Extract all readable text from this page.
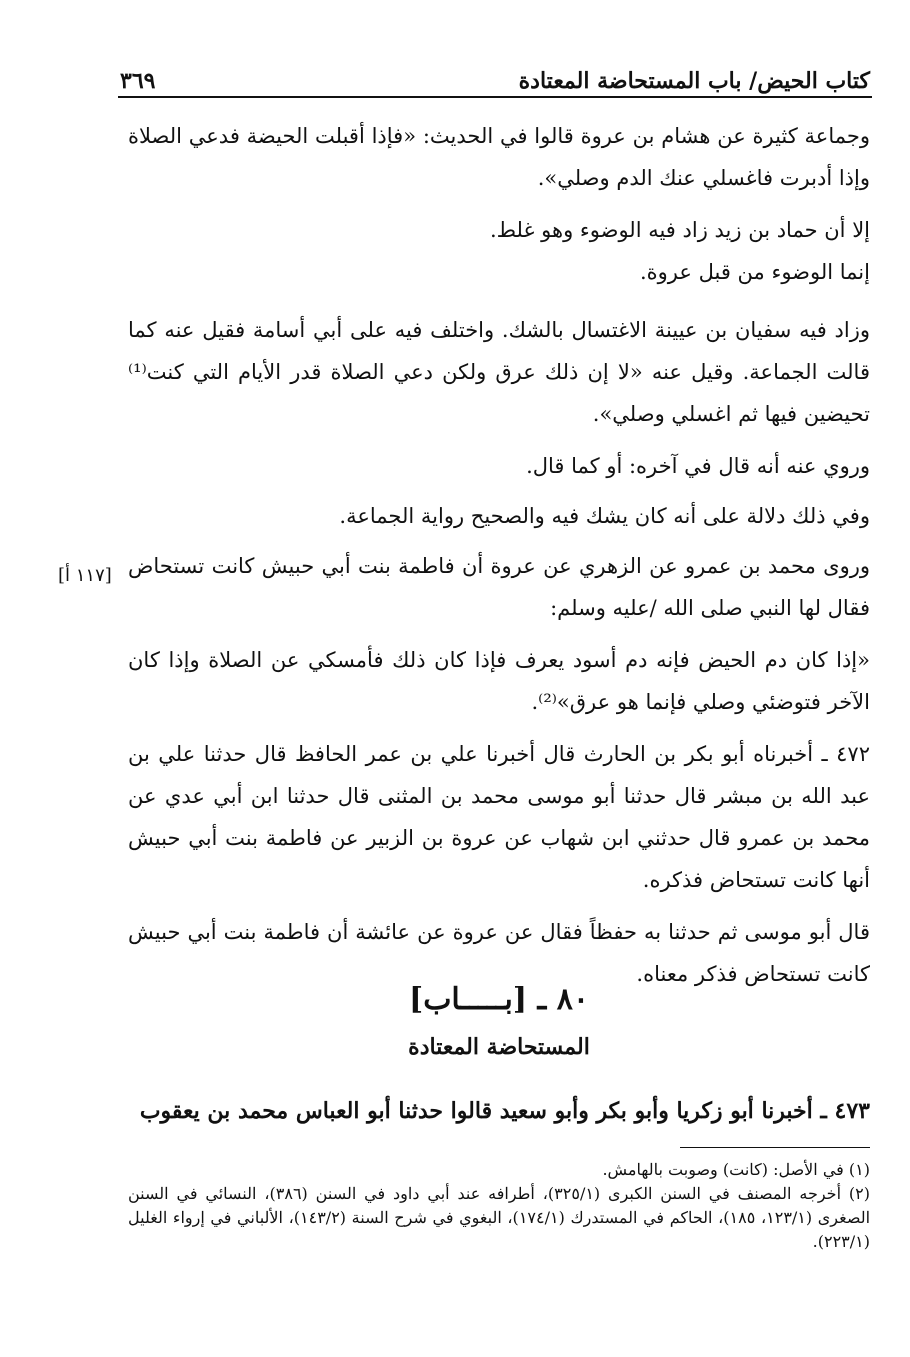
كتاب الحيض/ باب المستحاضة المعتادة
٣٦٩

وجماعة كثيرة عن هشام بن عروة قالوا في الحديث: «فإذا أقبلت الحيضة فدعي الصلاة وإذا أدبرت فاغسلي عنك الدم وصلي».

إلا أن حماد بن زيد زاد فيه الوضوء وهو غلط.

إنما الوضوء من قبل عروة.

وزاد فيه سفيان بن عيينة الاغتسال بالشك. واختلف فيه على أبي أسامة فقيل عنه كما قالت الجماعة. وقيل عنه «لا إن ذلك عرق ولكن دعي الصلاة قدر الأيام التي كنت⁽¹⁾ تحيضين فيها ثم اغسلي وصلي».

وروي عنه أنه قال في آخره: أو كما قال.

وفي ذلك دلالة على أنه كان يشك فيه والصحيح رواية الجماعة.

وروى محمد بن عمرو عن الزهري عن عروة أن فاطمة بنت أبي حبيش كانت تستحاض فقال لها النبي صلى الله /عليه وسلم:

«إذا كان دم الحيض فإنه دم أسود يعرف فإذا كان ذلك فأمسكي عن الصلاة وإذا كان الآخر فتوضئي وصلي فإنما هو عرق»⁽²⁾.

٤٧٢ ـ أخبرناه أبو بكر بن الحارث قال أخبرنا علي بن عمر الحافظ قال حدثنا علي بن عبد الله بن مبشر قال حدثنا أبو موسى محمد بن المثنى قال حدثنا ابن أبي عدي عن محمد بن عمرو قال حدثني ابن شهاب عن عروة بن الزبير عن فاطمة بنت أبي حبيش أنها كانت تستحاض فذكره.

قال أبو موسى ثم حدثنا به حفظاً فقال عن عروة عن عائشة أن فاطمة بنت أبي حبيش كانت تستحاض فذكر معناه.

[١١٧ أ]
٨٠ ـ [بـــــاب]
المستحاضة المعتادة
٤٧٣ ـ أخبرنا أبو زكريا وأبو بكر وأبو سعيد قالوا حدثنا أبو العباس محمد بن يعقوب

(١) في الأصل: (كانت) وصوبت بالهامش.

(٢) أخرجه المصنف في السنن الكبرى (٣٢٥/١)، أطرافه عند أبي داود في السنن (٣٨٦)، النسائي في السنن الصغرى (١٢٣/١، ١٨٥)، الحاكم في المستدرك (١٧٤/١)، البغوي في شرح السنة (١٤٣/٢)، الألباني في إرواء الغليل (٢٢٣/١).
